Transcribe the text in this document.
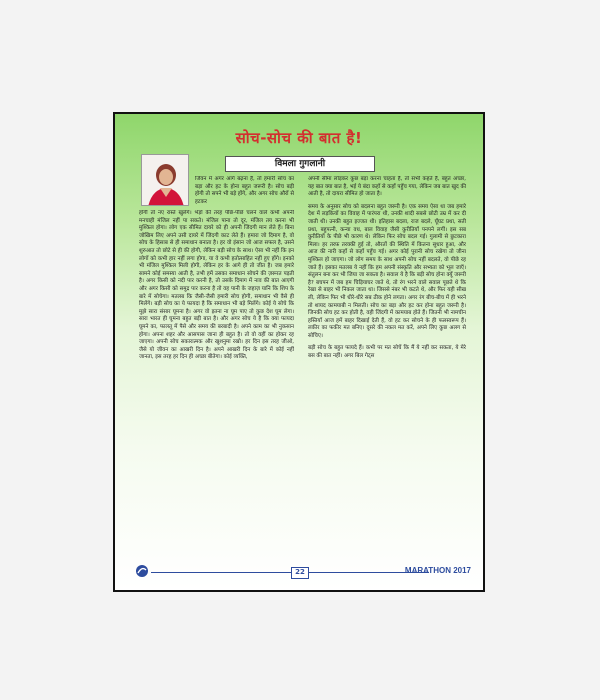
सोच-सोच की बात है!
विमला गुगलानी

जिवन में अगर आगे बढ़ना है, तो हमारी सोच का बड़ा और हट के होना बहुत जरूरी है। सोच बड़ी होगी तो सपने भी बड़े होंगे, और अगर सोच औरों से हटकर

होगी तो नए रास्ते खुलेंगे। भेड़ों की तरह पीछे-पीछे चलने वाले कभी अपनी मनचाही मंजिल नहीं पा सकते। मंजिल पाना तो दूर, मंजिल तय करना भी मुश्किल होगा। लोग एक सीमित दायरे को ही अपनी जिंदगी मान लेते हैं। बिना जोखिम लिए अपने उसी दायरे में जिंदगी काट लेते हैं। हमारा जो दिमाग है, वो सोच के हिसाब से ही समाधान बनाता है। हर वो इंसान जो आज सफल है, उसने शुरुआत तो छोटे से ही की होगी, लेकिन बड़ी सोच के साथ। ऐसा भी नहीं कि इन लोगों को कभी हार नहीं लगा होगा, या वे कभी हतोत्साहित नहीं हुए होंगे। इनको भी मंजिल मुश्किल मिली होगी, लेकिन हर के आगे ही तो जीत है। जब हमारे सामने कोई समस्या आती है, तभी हमें उसका समाधान सोचने की ज़रूरत पड़ती है। अगर किसी को नदी पार करनी है, तो उसके दिमाग में नाव की बात आएगी और अगर किसी को समुद्र पार करना है तो वह पानी के जहाज़ यानि कि शिप के बारे में सोचेगा। मतलब कि जैसी-जैसी हमारी सोच होगी, समाधान भी वैसे ही मिलेंगे। बड़ी सोच का ये फायदा है कि समाधान भी बड़े मिलेंगे। कोई ये सोचे कि मुझे सारा संसार घूमना है। अगर वो इतना ना घूम पाए तो कुछ देश घूम लेगा। सारा भारत ही घूमना बहुत बड़ी बात है। और अगर सोच ये है कि क्या फायदा घूमने का, फालतू में पैसे और समय की बरबादी है। अपने काम का भी नुकसान होगा। अपना शहर और आसपास जाना ही बहुत है। तो वो वहीं का होकर रह जाएगा। अपनी सोच सकारात्मक और खुशनुमा रखो। हर दिन इस तरह जीओ, जैसे यो जीवन का आखरी दिन है। अपने आखरी दिन के बारे में कोई नहीं जानता, इस तरह हर दिन ही अच्छा बीतेगा। कोई व्यक्ति,

अपनी सीमा लोड़कर कुछ बड़ा करना चाहता है, तो सभी कहते हैं, बहुत अच्छा, यह बात क्या बात है, भई ये बंदा कहाँ से कहाँ पहुँच गया, लेकिन जब बात खुद की आती है, तो दायरा सीमित हो जाता है।

समय के अनुसार सोच को बदलना बहुत जरूरी है। एक समय ऐसा था जब हमारे देश में लड़कियों का विवाह में पारंपरा थी, उनकी शादी सबसे छोटी उम्र में कर दी जाती थी। उनकी बहुत इज्जत थी। इतिहास बदला, राज बदले, घूँघट प्रथा, सती प्रथा, बहुपत्नी, कन्या वध, बाल विवाह जैसी कुरीतियाँ पनपने लगीं। इस सब कुरीतियों के पीछे भी कारण थे। लेकिन फिर सोच बदल गई। गुलामी से छुटकारा मिला। हर तरफ़ तरक्की हुई तो, औरतों की स्थिति में कितना सुधार हुआ, और आज की नारी कहाँ से कहाँ पहुँच गई। अगर कोई पुरानी सोच रखेगा तो जीना मुश्किल हो जाएगा। जो लोग समय के साथ अपनी सोच नहीं बदलते, वो पीछे रह जाते हैं। इसका मतलब ये नहीं कि हम अपनी संस्कृति और सभ्यता को भूल जाएँ। संतुलन बना कर भी जिया जा सकता है। सवाल ये है कि बड़ी सोच होना क्यूँ जरूरी है? बचपन में जब हम चिड़ियाघर जाते थे, तो रंग भरने वाले सवाल पूछते थे कि रेखा से बाहर भी निकल जाता था। जिससे नंबर भी कटते थे, और फिर यही सीख ली, लेकिन फिर भी धीरे-धीरे सब ठीक होने लगता। अगर रंग बीच-बीच में ही भरने तो शायद कामयाबी न मिलती। सोच का बड़ा और हट कर होना बहुत जरूरी है। जिनकी सोच हट कर होती है, वही जिंदगी में कामयाब होते हैं। जितनी भी नामचीन हस्तियाँ आज हमें बाहर दिखाई देती हैं, वो हट कर सोचने के ही फलस्वरूप हैं। लकीर का फकीर मत बनिए। दूसरे की नकल मत करें, अपने लिए कुछ अलग से सोचिए।

बड़ी सोच के बहुत फायदे हैं। कभी पर मत सोचें कि मैं ये नहीं कर सकता, ये मेरे बस की बात नहीं। अगर बिल गेट्स

22	MARATHON 2017
